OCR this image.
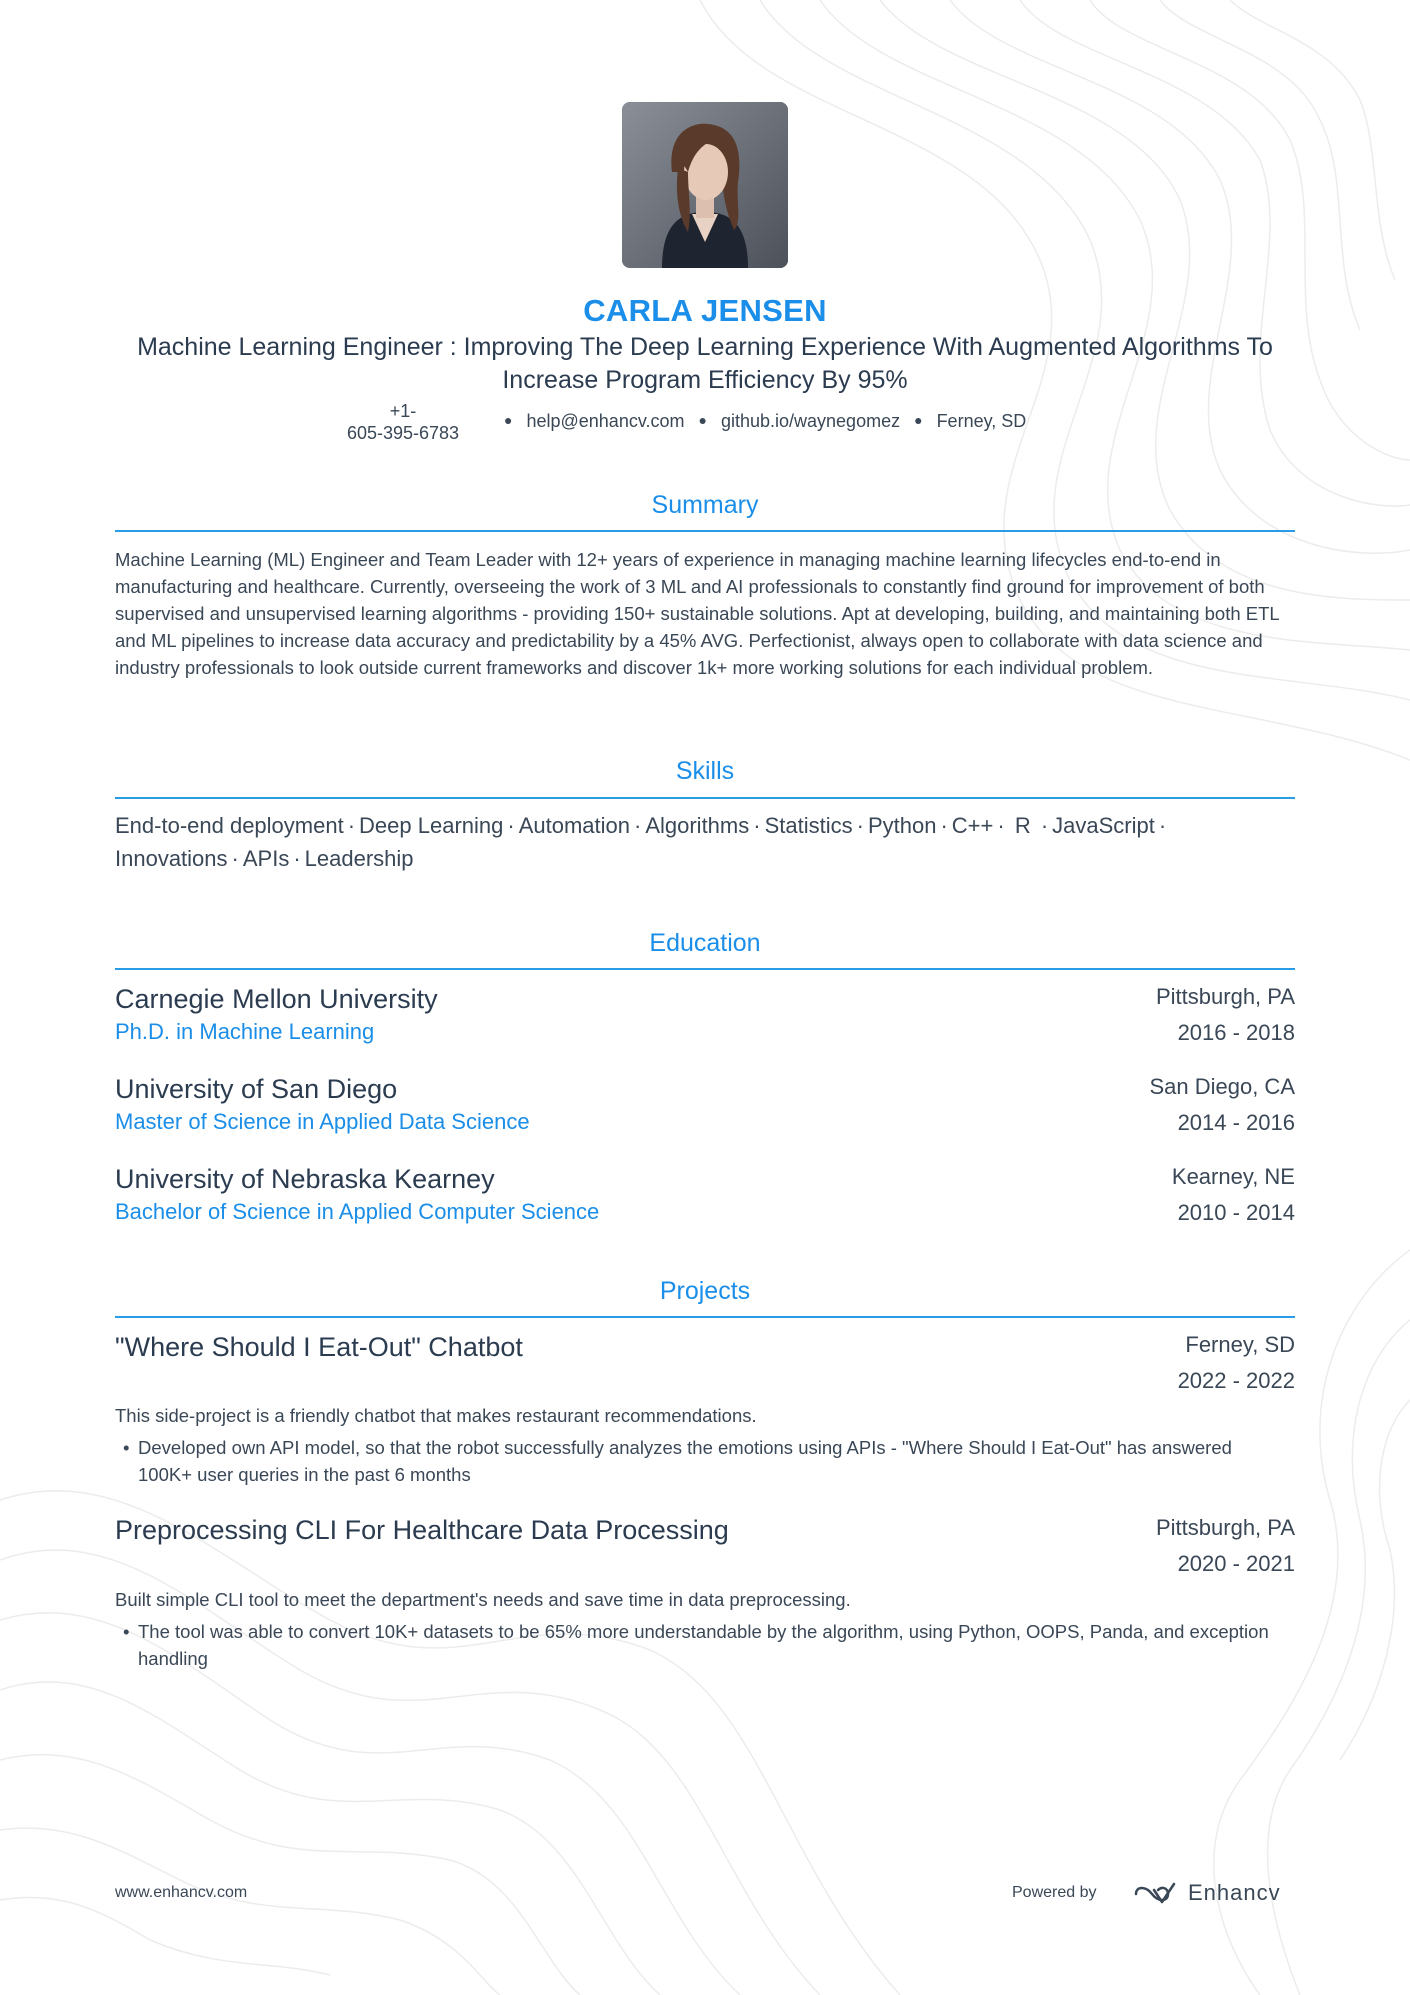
CARLA JENSEN
Machine Learning Engineer : Improving The Deep Learning Experience With Augmented Algorithms To Increase Program Efficiency By 95%
+1-
605-395-6783
● help@enhancv.com ● github.io/waynegomez ● Ferney, SD
Summary
Machine Learning (ML) Engineer and Team Leader with 12+ years of experience in managing machine learning lifecycles end-to-end in manufacturing and healthcare. Currently, overseeing the work of 3 ML and AI professionals to constantly find ground for improvement of both supervised and unsupervised learning algorithms - providing 150+ sustainable solutions. Apt at developing, building, and maintaining both ETL and ML pipelines to increase data accuracy and predictability by a 45% AVG. Perfectionist, always open to collaborate with data science and industry professionals to look outside current frameworks and discover 1k+ more working solutions for each individual problem.
Skills
End-to-end deployment · Deep Learning · Automation · Algorithms · Statistics · Python · C++ · R · JavaScript ·
Innovations · APIs · Leadership
Education
Carnegie Mellon University
Ph.D. in Machine Learning
Pittsburgh, PA
2016 - 2018
University of San Diego
Master of Science in Applied Data Science
San Diego, CA
2014 - 2016
University of Nebraska Kearney
Bachelor of Science in Applied Computer Science
Kearney, NE
2010 - 2014
Projects
"Where Should I Eat-Out" Chatbot	Ferney, SD
2022 - 2022
This side-project is a friendly chatbot that makes restaurant recommendations.
• Developed own API model, so that the robot successfully analyzes the emotions using APIs - "Where Should I Eat-Out" has answered 100K+ user queries in the past 6 months
Preprocessing CLI For Healthcare Data Processing	Pittsburgh, PA
2020 - 2021
Built simple CLI tool to meet the department's needs and save time in data preprocessing.
• The tool was able to convert 10K+ datasets to be 65% more understandable by the algorithm, using Python, OOPS, Panda, and exception handling
www.enhancv.com	Powered by	Enhancv
